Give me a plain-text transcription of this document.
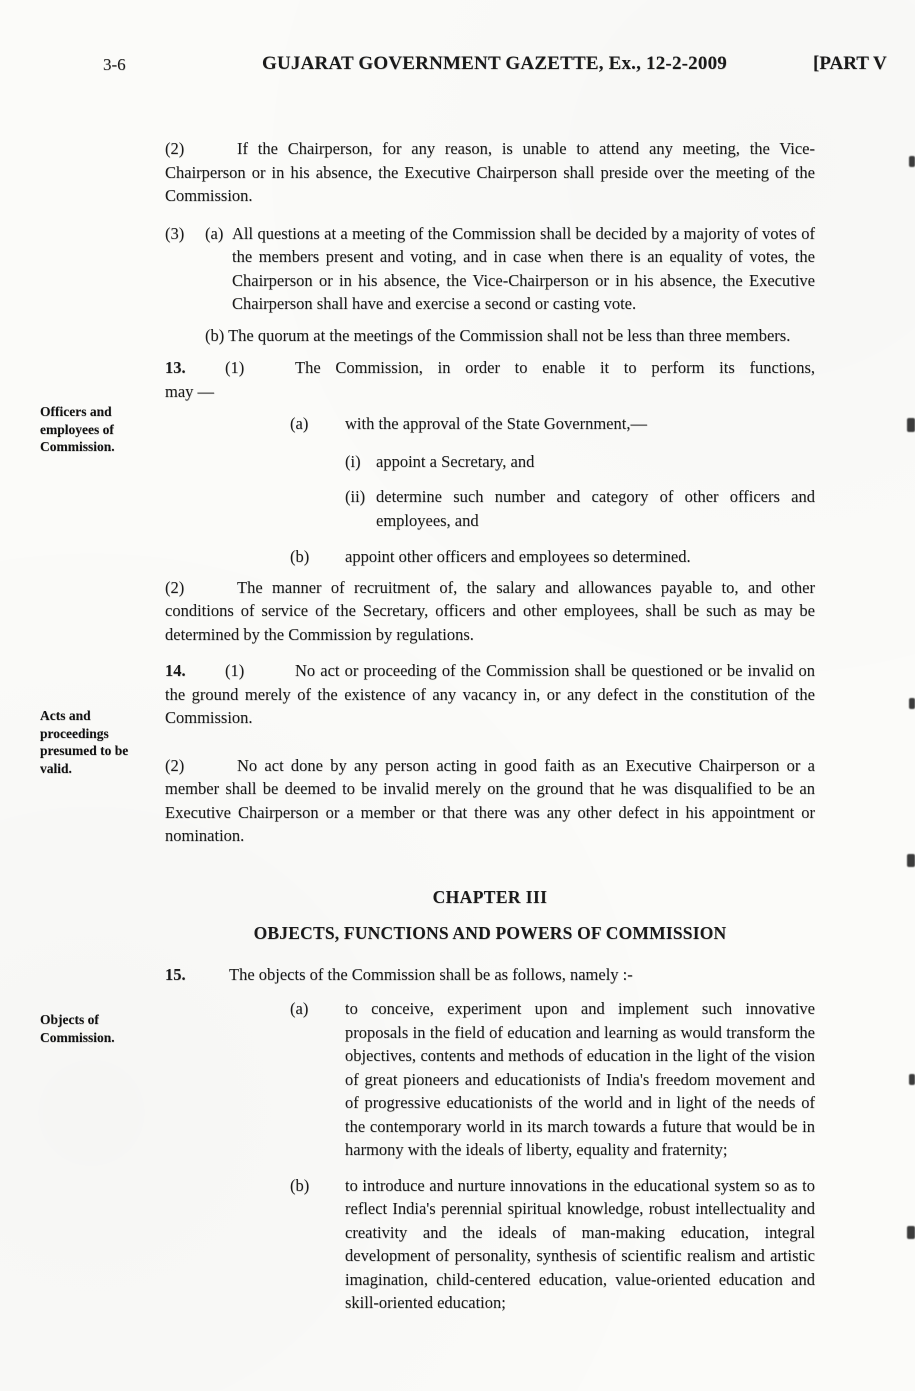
3-6	GUJARAT GOVERNMENT GAZETTE, Ex., 12-2-2009	[PART V
Officers and employees of Commission.
Acts and proceedings presumed to be valid.
Objects of Commission.

(2)	If the Chairperson, for any reason, is unable to attend any meeting, the Vice-Chairperson or in his absence, the Executive Chairperson shall preside over the meeting of the Commission.

(3)	(a) All questions at a meeting of the Commission shall be decided by a majority of votes of the members present and voting, and in case when there is an equality of votes, the Chairperson or in his absence, the Vice-Chairperson or in his absence, the Executive Chairperson shall have and exercise a second or casting vote.

(b) The quorum at the meetings of the Commission shall not be less than three members.

13. (1)	The Commission, in order to enable it to perform its functions,
may —
(a)	with the approval of the State Government,—

(i) appoint a Secretary, and

(ii) determine such number and category of other officers and employees, and

(b)	appoint other officers and employees so determined.

(2)	The manner of recruitment of, the salary and allowances payable to, and other conditions of service of the Secretary, officers and other employees, shall be such as may be determined by the Commission by regulations.

14. (1)	No act or proceeding of the Commission shall be questioned or be invalid on the ground merely of the existence of any vacancy in, or any defect in the constitution of the Commission.

(2)	No act done by any person acting in good faith as an Executive Chairperson or a member shall be deemed to be invalid merely on the ground that he was disqualified to be an Executive Chairperson or a member or that there was any other defect in his appointment or nomination.

CHAPTER III
OBJECTS, FUNCTIONS AND POWERS OF COMMISSION

15.	The objects of the Commission shall be as follows, namely :-

(a)	to conceive, experiment upon and implement such innovative proposals in the field of education and learning as would transform the objectives, contents and methods of education in the light of the vision of great pioneers and educationists of India's freedom movement and of progressive educationists of the world and in light of the needs of the contemporary world in its march towards a future that would be in harmony with the ideals of liberty, equality and fraternity;

(b)	to introduce and nurture innovations in the educational system so as to reflect India's perennial spiritual knowledge, robust intellectuality and creativity and the ideals of man-making education, integral development of personality, synthesis of scientific realism and artistic imagination, child-centered education, value-oriented education and skill-oriented education;
